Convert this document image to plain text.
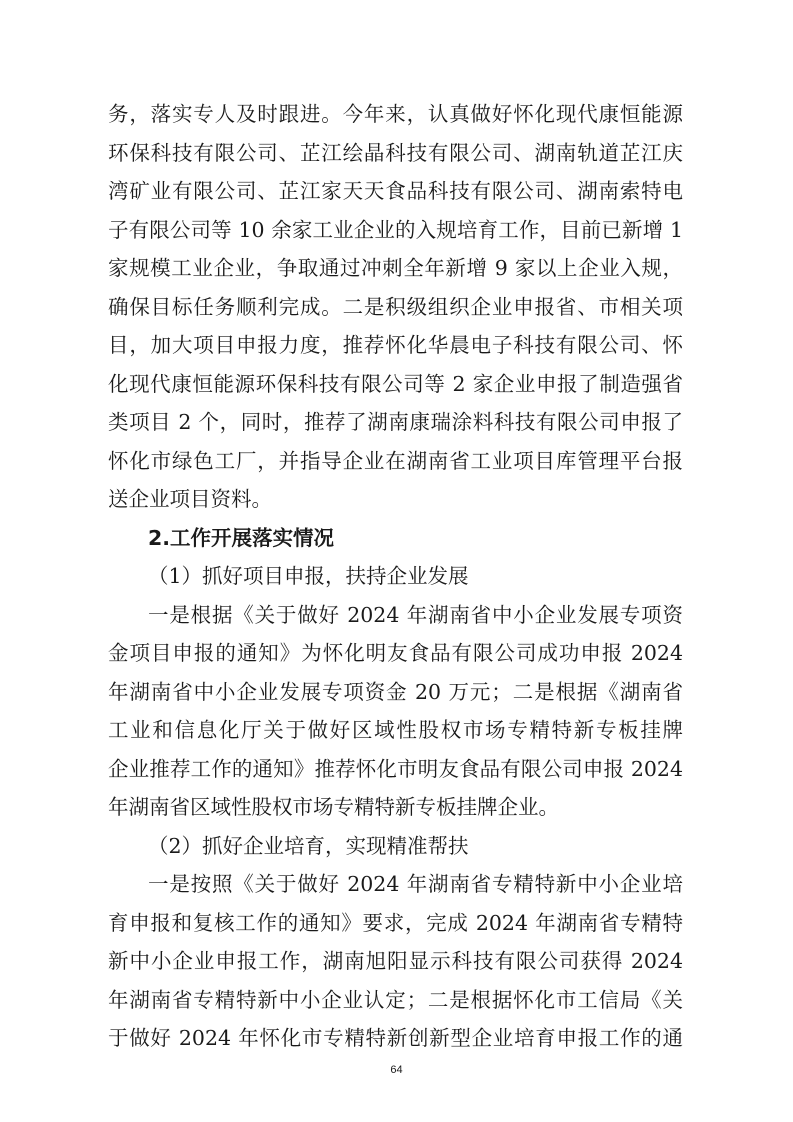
务，落实专人及时跟进。今年来，认真做好怀化现代康恒能源
环保科技有限公司、芷江绘晶科技有限公司、湖南轨道芷江庆
湾矿业有限公司、芷江家天天食品科技有限公司、湖南索特电
子有限公司等 10 余家工业企业的入规培育工作，目前已新增 1
家规模工业企业，争取通过冲刺全年新增 9 家以上企业入规，
确保目标任务顺利完成。二是积级组织企业申报省、市相关项
目，加大项目申报力度，推荐怀化华晨电子科技有限公司、怀
化现代康恒能源环保科技有限公司等 2 家企业申报了制造强省
类项目 2 个，同时，推荐了湖南康瑞涂料科技有限公司申报了
怀化市绿色工厂，并指导企业在湖南省工业项目库管理平台报
送企业项目资料。
2.工作开展落实情况
（1）抓好项目申报，扶持企业发展
一是根据《关于做好 2024 年湖南省中小企业发展专项资
金项目申报的通知》为怀化明友食品有限公司成功申报 2024
年湖南省中小企业发展专项资金 20 万元；二是根据《湖南省
工业和信息化厅关于做好区域性股权市场专精特新专板挂牌
企业推荐工作的通知》推荐怀化市明友食品有限公司申报 2024
年湖南省区域性股权市场专精特新专板挂牌企业。
（2）抓好企业培育，实现精准帮扶
一是按照《关于做好 2024 年湖南省专精特新中小企业培
育申报和复核工作的通知》要求，完成 2024 年湖南省专精特
新中小企业申报工作，湖南旭阳显示科技有限公司获得 2024
年湖南省专精特新中小企业认定；二是根据怀化市工信局《关
于做好 2024 年怀化市专精特新创新型企业培育申报工作的通
64
